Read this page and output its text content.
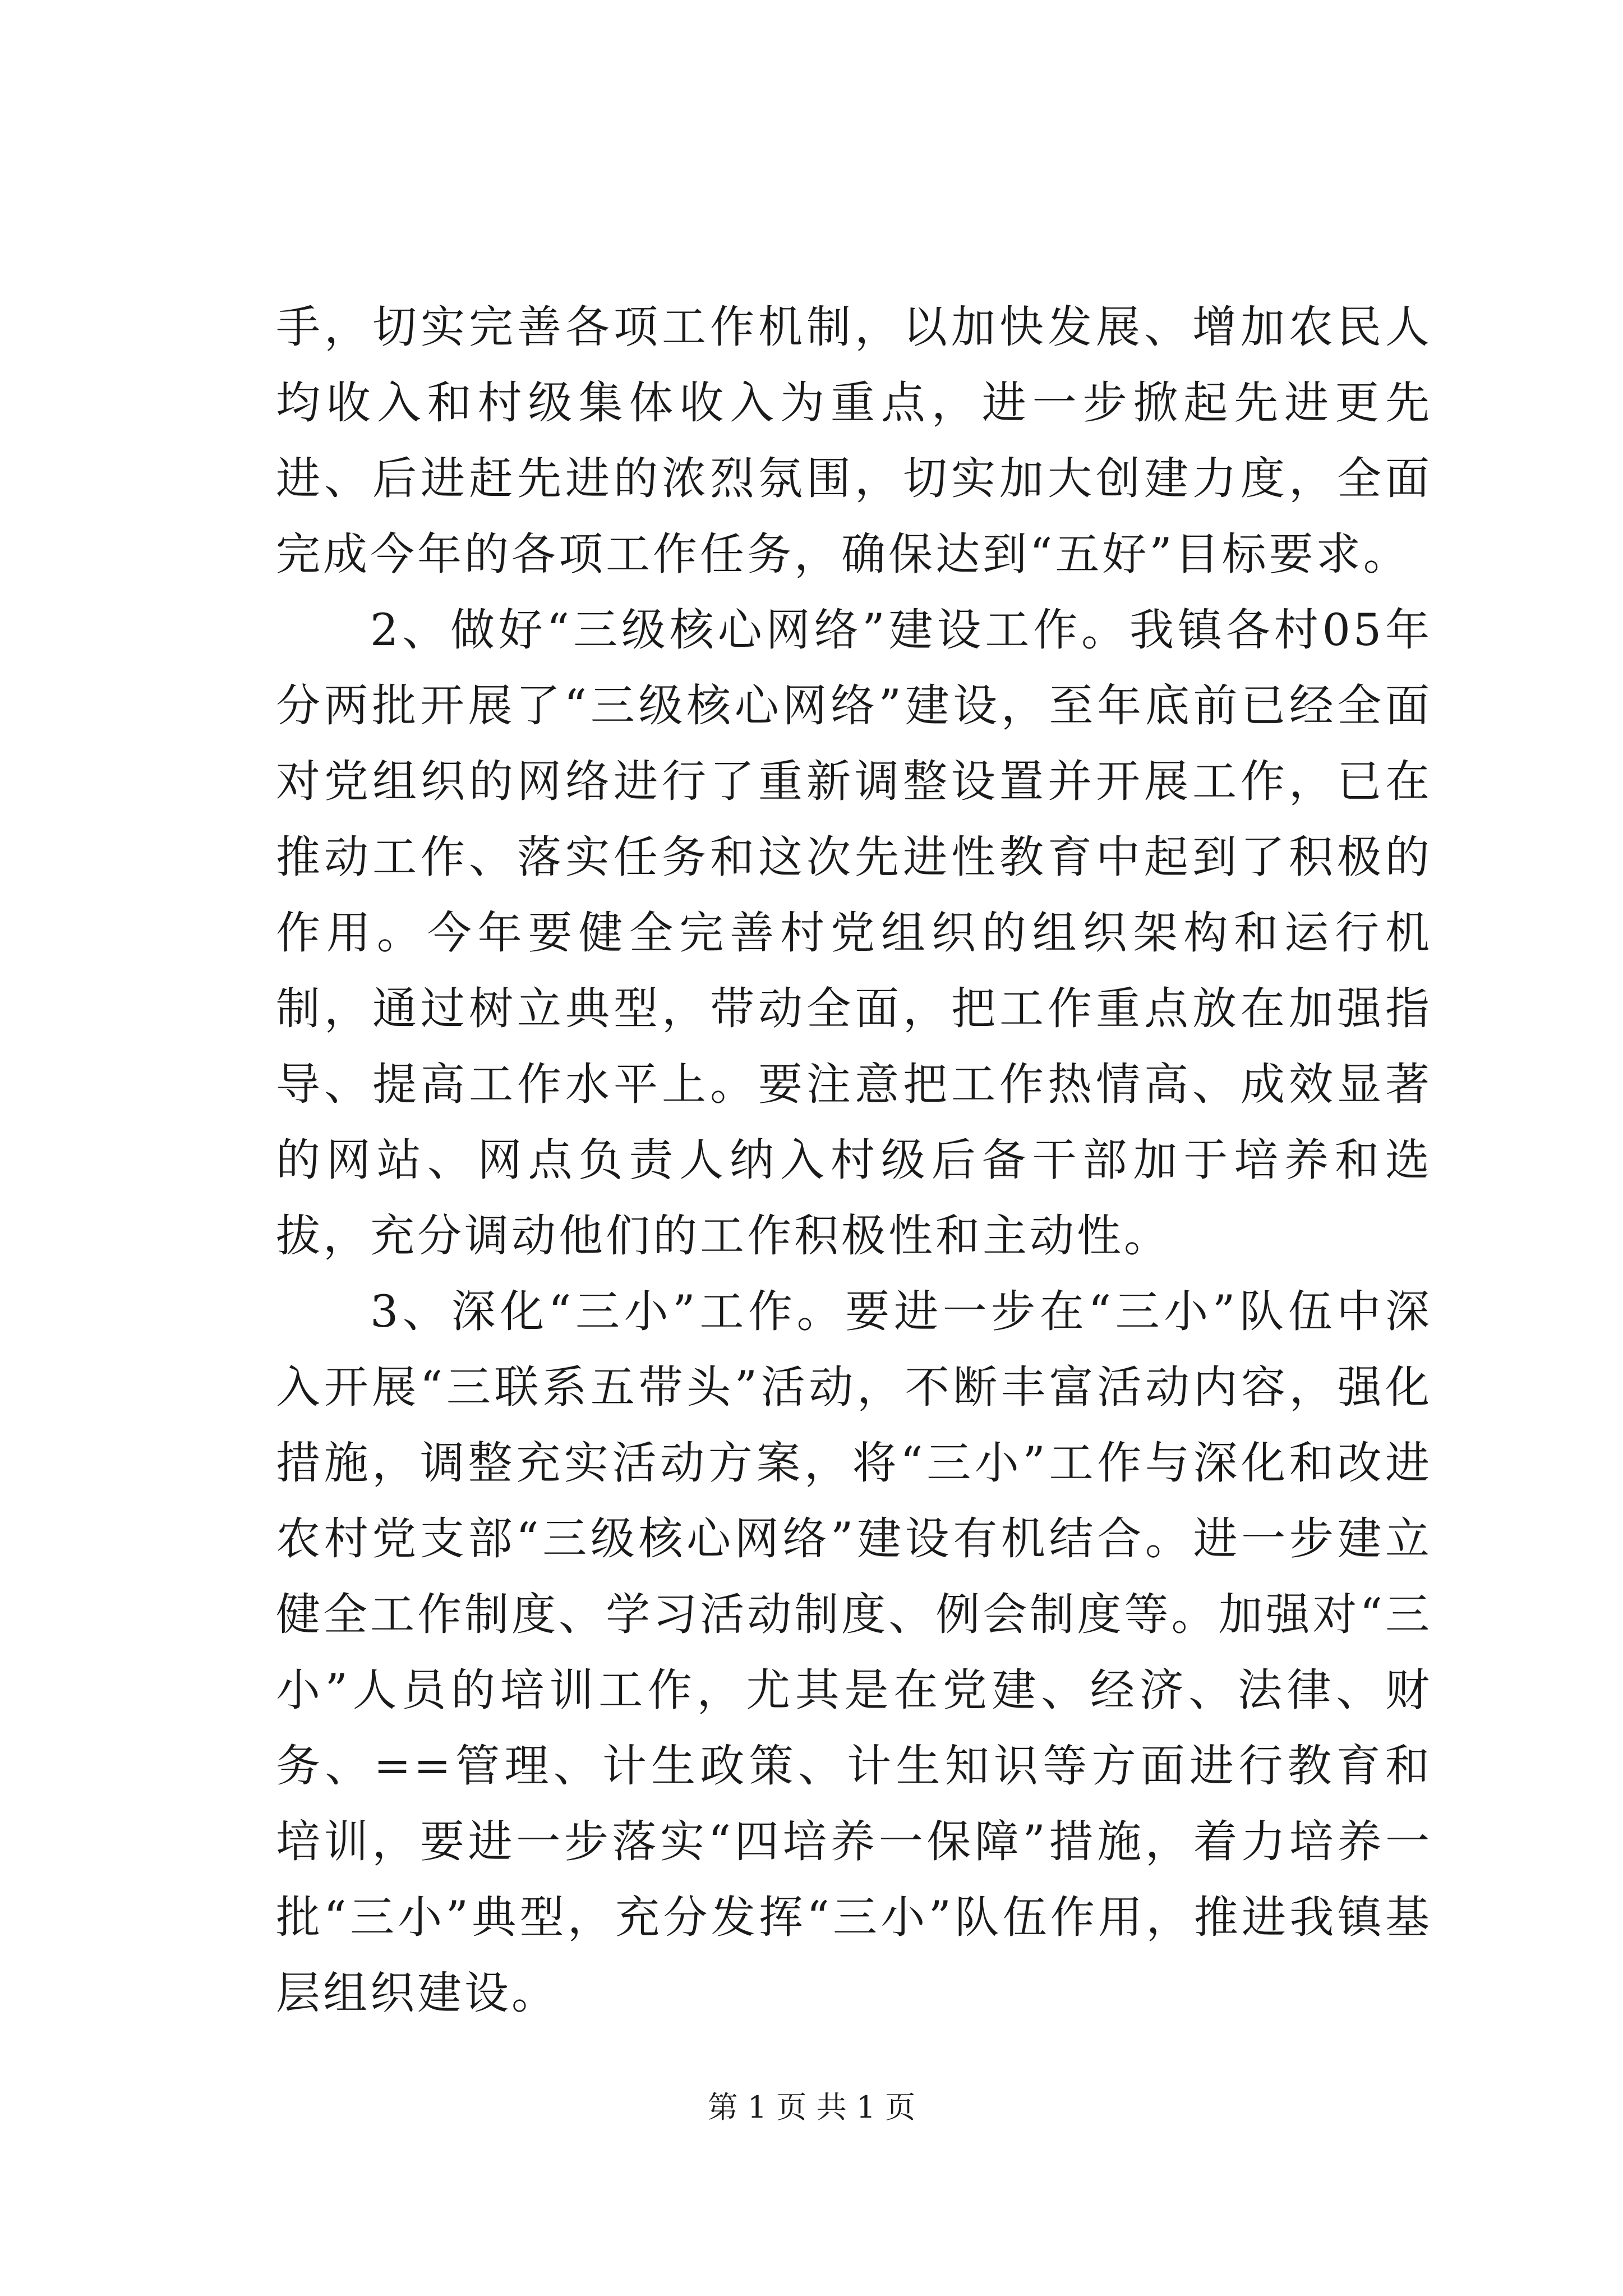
手，切实完善各项工作机制，以加快发展、增加农民人均收入和村级集体收入为重点，进一步掀起先进更先进、后进赶先进的浓烈氛围，切实加大创建力度，全面完成今年的各项工作任务，确保达到“五好”目标要求。

2、做好“三级核心网络”建设工作。我镇各村05年分两批开展了“三级核心网络”建设，至年底前已经全面对党组织的网络进行了重新调整设置并开展工作，已在推动工作、落实任务和这次先进性教育中起到了积极的作用。今年要健全完善村党组织的组织架构和运行机制，通过树立典型，带动全面，把工作重点放在加强指导、提高工作水平上。要注意把工作热情高、成效显著的网站、网点负责人纳入村级后备干部加于培养和选拔，充分调动他们的工作积极性和主动性。

3、深化“三小”工作。要进一步在“三小”队伍中深入开展“三联系五带头”活动，不断丰富活动内容，强化措施，调整充实活动方案，将“三小”工作与深化和改进农村党支部“三级核心网络”建设有机结合。进一步建立健全工作制度、学习活动制度、例会制度等。加强对“三小”人员的培训工作，尤其是在党建、经济、法律、财务、==管理、计生政策、计生知识等方面进行教育和培训，要进一步落实“四培养一保障”措施，着力培养一批“三小”典型，充分发挥“三小”队伍作用，推进我镇基层组织建设。

第 1 页 共 1 页
